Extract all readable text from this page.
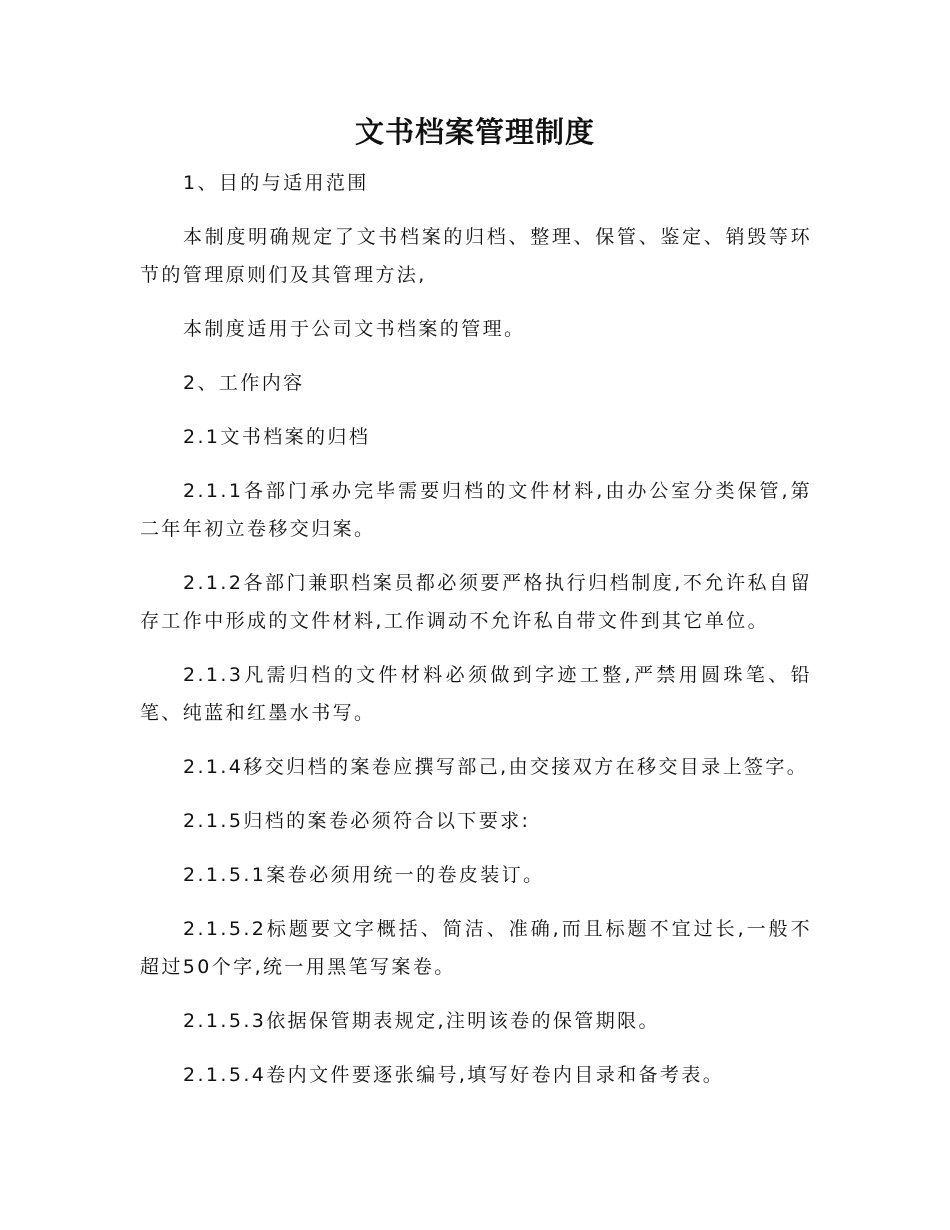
文书档案管理制度

1、目的与适用范围

本制度明确规定了文书档案的归档、整理、保管、鉴定、销毁等环节的管理原则们及其管理方法,

本制度适用于公司文书档案的管理。

2、工作内容

2.1文书档案的归档

2.1.1各部门承办完毕需要归档的文件材料,由办公室分类保管,第二年年初立卷移交归案。

2.1.2各部门兼职档案员都必须要严格执行归档制度,不允许私自留存工作中形成的文件材料,工作调动不允许私自带文件到其它单位。

2.1.3凡需归档的文件材料必须做到字迹工整,严禁用圆珠笔、铅笔、纯蓝和红墨水书写。

2.1.4移交归档的案卷应撰写部己,由交接双方在移交目录上签字。

2.1.5归档的案卷必须符合以下要求:

2.1.5.1案卷必须用统一的卷皮装订。

2.1.5.2标题要文字概括、简洁、准确,而且标题不宜过长,一般不超过50个字,统一用黑笔写案卷。

2.1.5.3依据保管期表规定,注明该卷的保管期限。

2.1.5.4卷内文件要逐张编号,填写好卷内目录和备考表。
